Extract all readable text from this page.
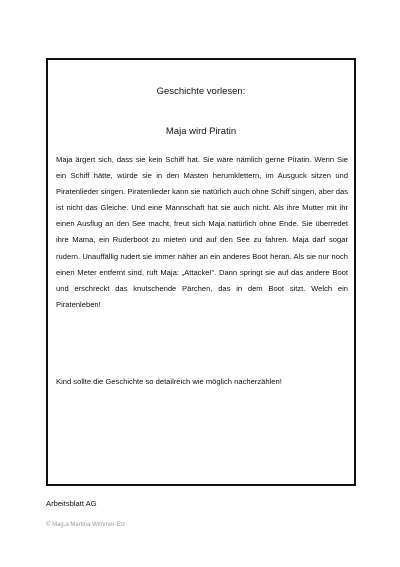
Geschichte vorlesen:

Maja wird Piratin

Maja ärgert sich, dass sie kein Schiff hat. Sie wäre nämlich gerne Piratin. Wenn Sie ein Schiff hätte, würde sie in den Masten herumklettern, im Ausguck sitzen und Piratenlieder singen. Piratenlieder kann sie natürlich auch ohne Schiff singen, aber das ist nicht das Gleiche. Und eine Mannschaft hat sie auch nicht. Als ihre Mutter mit ihr einen Ausflug an den See macht, freut sich Maja natürlich ohne Ende. Sie überredet ihre Mama, ein Ruderboot zu mieten und auf den See zu fahren. Maja darf sogar rudern. Unauffällig rudert sie immer näher an ein anderes Boot heran. Als sie nur noch einen Meter entfernt sind, ruft Maja: „Attacke!“. Dann springt sie auf das andere Boot und erschreckt das knutschende Pärchen, das in dem Boot sitzt. Welch ein Piratenleben!

Kind sollte die Geschichte so detailreich wie möglich nacherzählen!

Arbeitsblatt AG

© Mag.a Martina Wimmer-Etz
